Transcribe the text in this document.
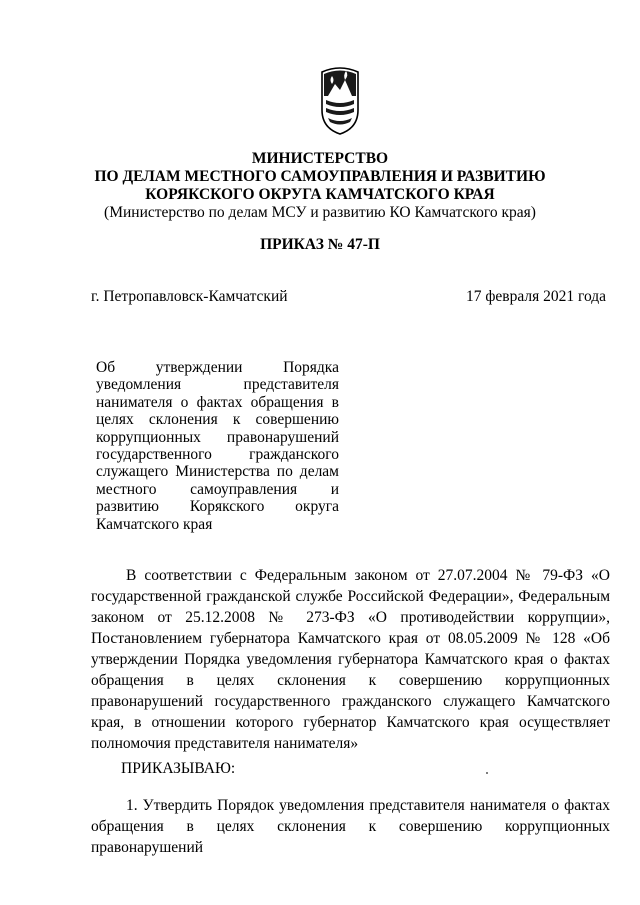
МИНИСТЕРСТВО
ПО ДЕЛАМ МЕСТНОГО САМОУПРАВЛЕНИЯ И РАЗВИТИЮ
КОРЯКСКОГО ОКРУГА КАМЧАТСКОГО КРАЯ
(Министерство по делам МСУ и развитию КО Камчатского края)
ПРИКАЗ № 47-П
г. Петропавловск-Камчатский	17 февраля 2021 года
Об утверждении Порядка уведомления представителя нанимателя о фактах обращения в целях склонения к совершению коррупционных правонарушений государственного гражданского служащего Министерства по делам местного самоуправления и развитию Корякского округа Камчатского края
В соответствии с Федеральным законом от 27.07.2004 № 79-ФЗ «О государственной гражданской службе Российской Федерации», Федеральным законом от 25.12.2008 № 273-ФЗ «О противодействии коррупции», Постановлением губернатора Камчатского края от 08.05.2009 № 128 «Об утверждении Порядка уведомления губернатора Камчатского края о фактах обращения в целях склонения к совершению коррупционных правонарушений государственного гражданского служащего Камчатского края, в отношении которого губернатор Камчатского края осуществляет полномочия представителя нанимателя»
ПРИКАЗЫВАЮ:
1. Утвердить Порядок уведомления представителя нанимателя о фактах обращения в целях склонения к совершению коррупционных правонарушений
